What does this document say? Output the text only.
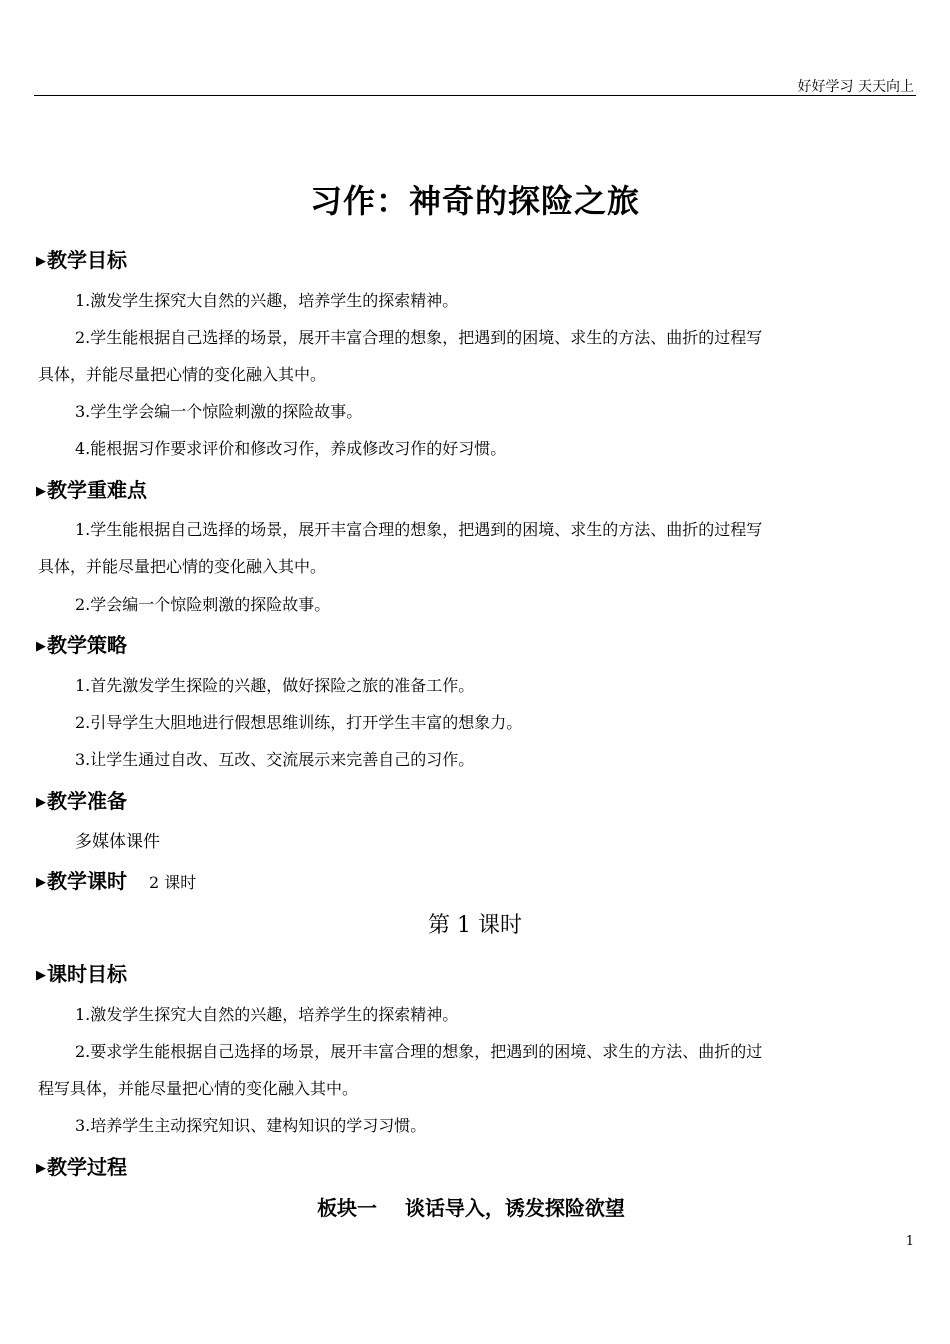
好好学习 天天向上
习作：神奇的探险之旅
▶教学目标
1.激发学生探究大自然的兴趣，培养学生的探索精神。
2.学生能根据自己选择的场景，展开丰富合理的想象，把遇到的困境、求生的方法、曲折的过程写
具体，并能尽量把心情的变化融入其中。
3.学生学会编一个惊险刺激的探险故事。
4.能根据习作要求评价和修改习作，养成修改习作的好习惯。
▶教学重难点
1.学生能根据自己选择的场景，展开丰富合理的想象，把遇到的困境、求生的方法、曲折的过程写
具体，并能尽量把心情的变化融入其中。
2.学会编一个惊险刺激的探险故事。
▶教学策略
1.首先激发学生探险的兴趣，做好探险之旅的准备工作。
2.引导学生大胆地进行假想思维训练，打开学生丰富的想象力。
3.让学生通过自改、互改、交流展示来完善自己的习作。
▶教学准备
多媒体课件
▶教学课时 2 课时
第 1 课时
▶课时目标
1.激发学生探究大自然的兴趣，培养学生的探索精神。
2.要求学生能根据自己选择的场景，展开丰富合理的想象，把遇到的困境、求生的方法、曲折的过
程写具体，并能尽量把心情的变化融入其中。
3.培养学生主动探究知识、建构知识的学习习惯。
▶教学过程
板块一    谈话导入，诱发探险欲望
1
